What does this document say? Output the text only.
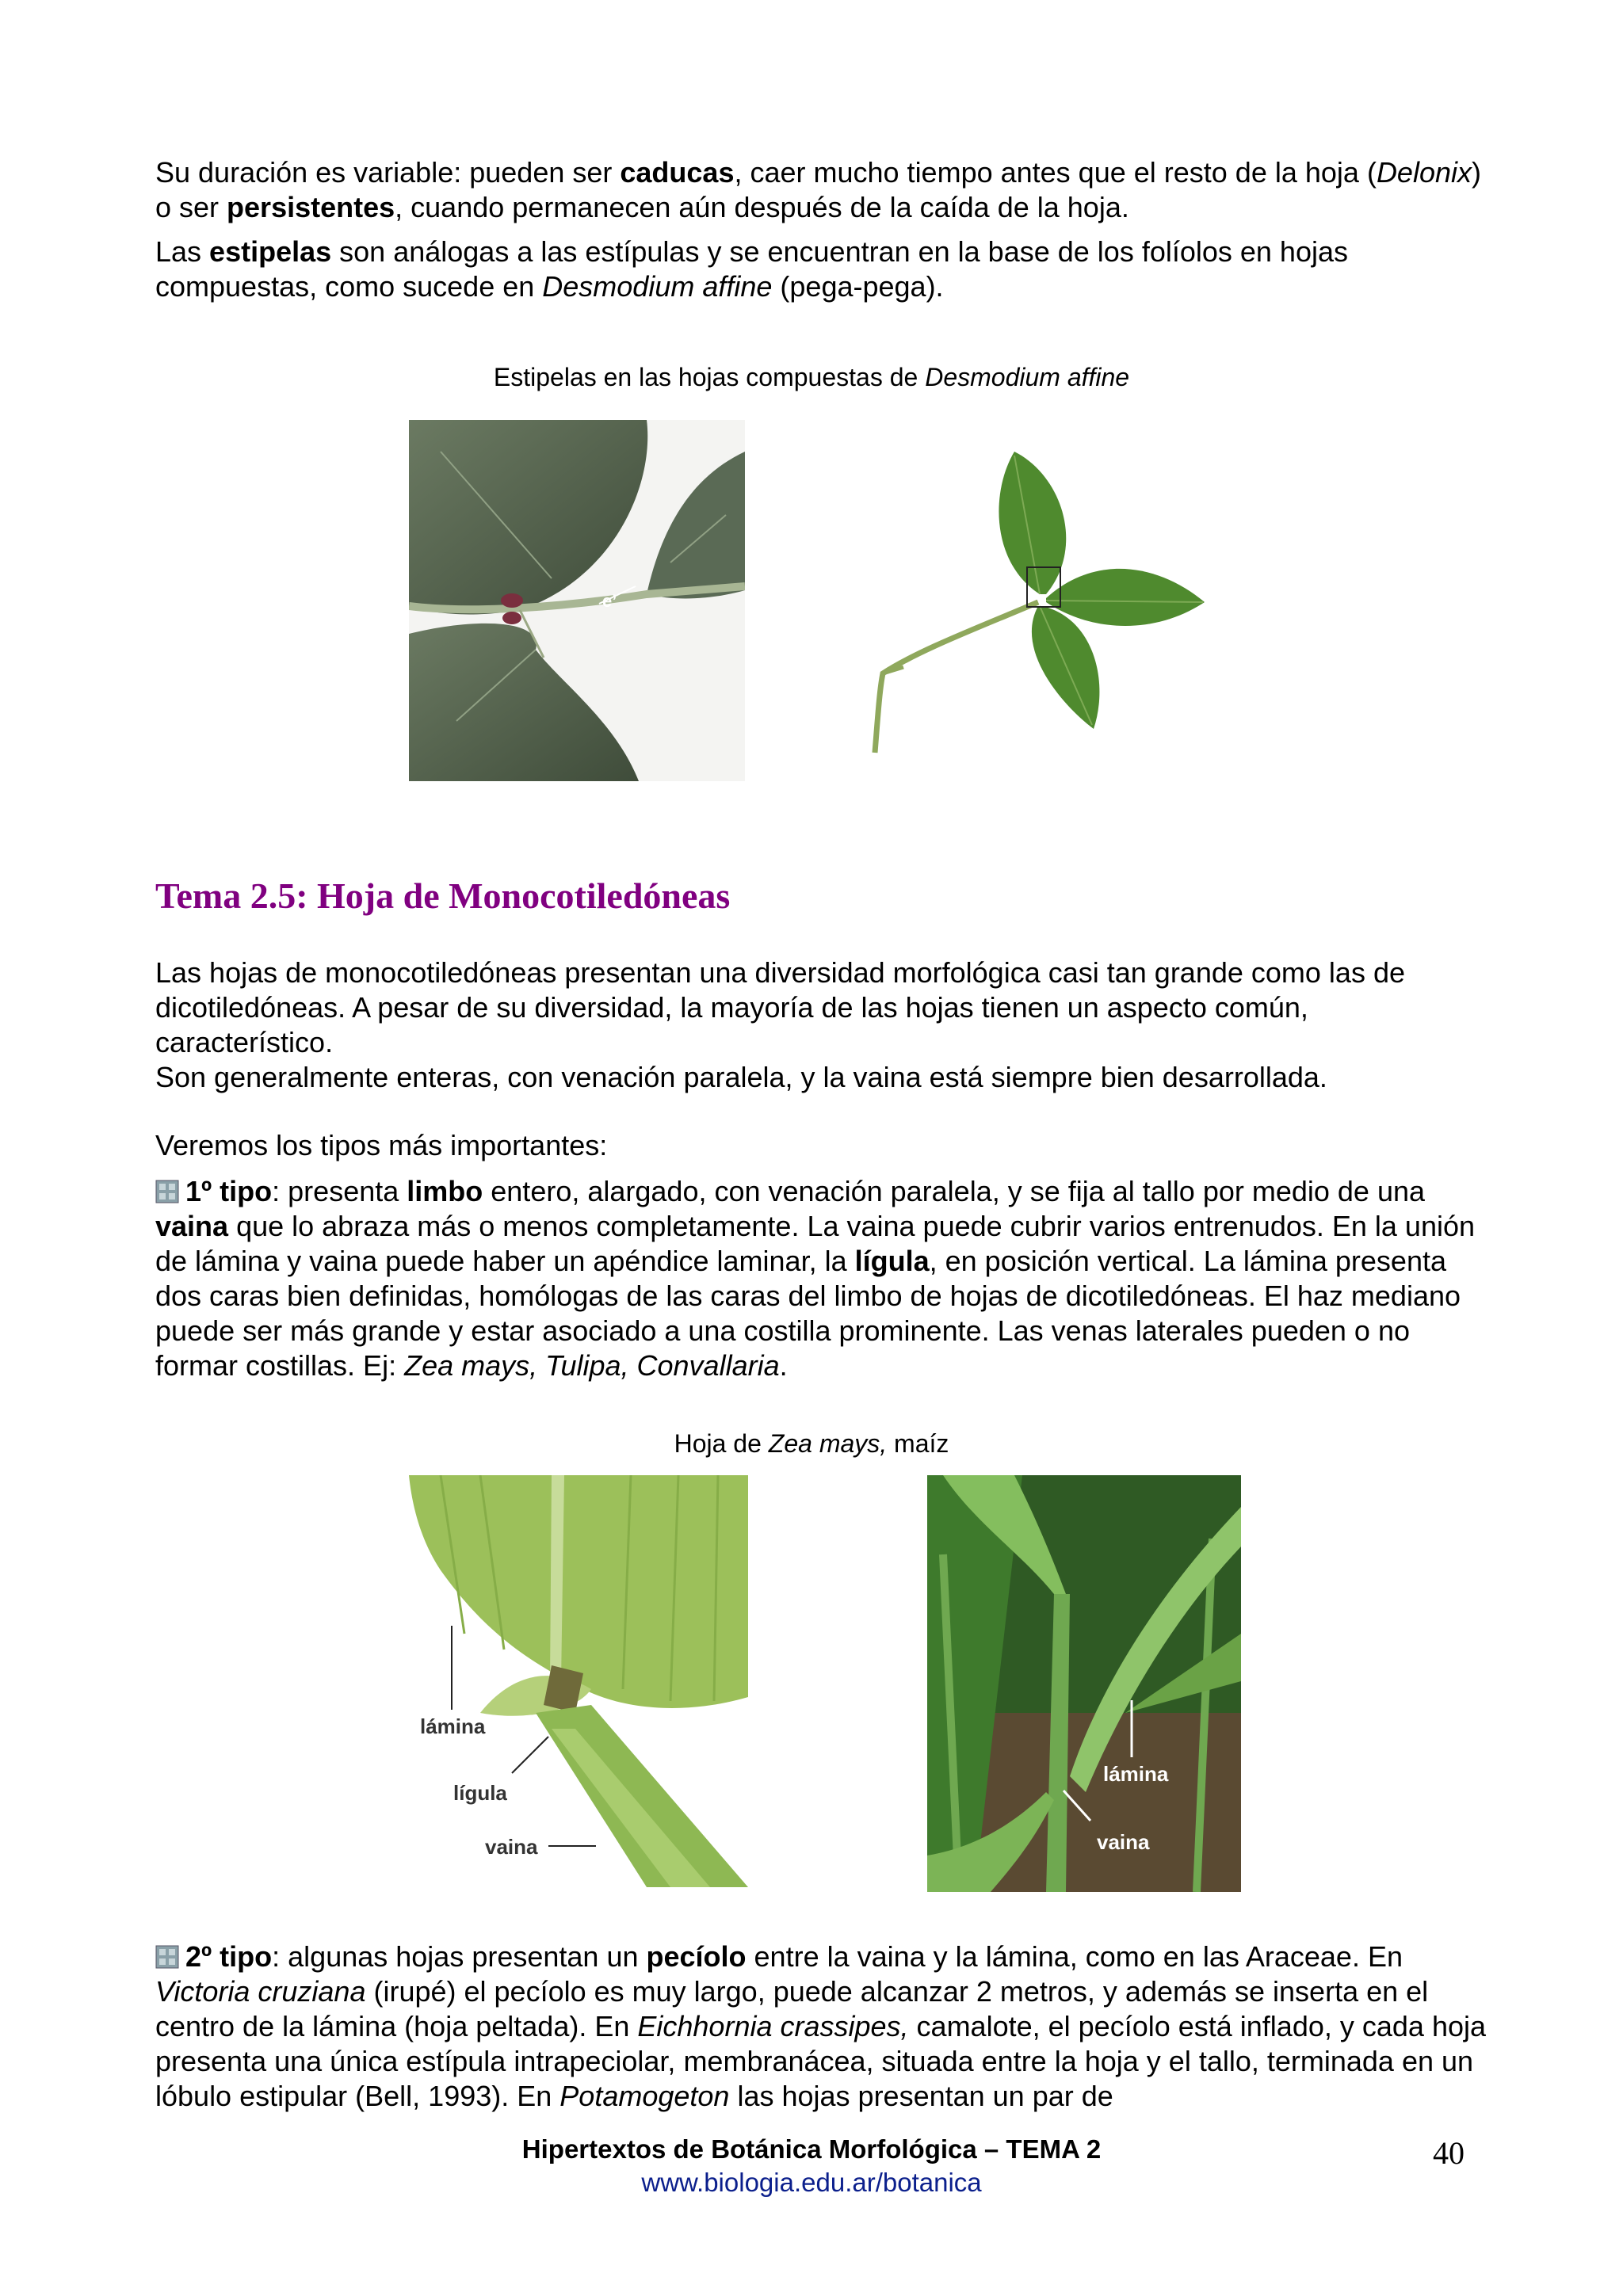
Su duración es variable: pueden ser caducas, caer mucho tiempo antes que el resto de la hoja (Delonix) o ser persistentes, cuando permanecen aún después de la caída de la hoja.

Las estipelas son análogas a las estípulas y se encuentran en la base de los folíolos en hojas compuestas, como sucede en Desmodium affine (pega-pega).

Estipelas en las hojas compuestas de Desmodium affine
e’
Tema 2.5: Hoja de Monocotiledóneas

Las hojas de monocotiledóneas presentan una diversidad morfológica casi tan grande como las de dicotiledóneas. A pesar de su diversidad, la mayoría de las hojas tienen un aspecto común, característico.

Son generalmente enteras, con venación paralela, y la vaina está siempre bien desarrollada.

Veremos los tipos más importantes:

1º tipo: presenta limbo entero, alargado, con venación paralela, y se fija al tallo por medio de una vaina que lo abraza más o menos completamente. La vaina puede cubrir varios entrenudos. En la unión de lámina y vaina puede haber un apéndice laminar, la lígula, en posición vertical. La lámina presenta dos caras bien definidas, homólogas de las caras del limbo de hojas de dicotiledóneas. El haz mediano puede ser más grande y estar asociado a una costilla prominente. Las venas laterales pueden o no formar costillas. Ej: Zea mays, Tulipa, Convallaria.

Hoja de Zea mays, maíz
lámina
lígula
vaina
lámina
vaina

2º tipo: algunas hojas presentan un pecíolo entre la vaina y la lámina, como en las Araceae. En Victoria cruziana (irupé) el pecíolo es muy largo, puede alcanzar 2 metros, y además se inserta en el centro de la lámina (hoja peltada). En Eichhornia crassipes, camalote, el pecíolo está inflado, y cada hoja presenta una única estípula intrapeciolar, membranácea, situada entre la hoja y el tallo, terminada en un lóbulo estipular (Bell, 1993). En Potamogeton las hojas presentan un par de

Hipertextos de Botánica Morfológica – TEMA 2
www.biologia.edu.ar/botanica
40
